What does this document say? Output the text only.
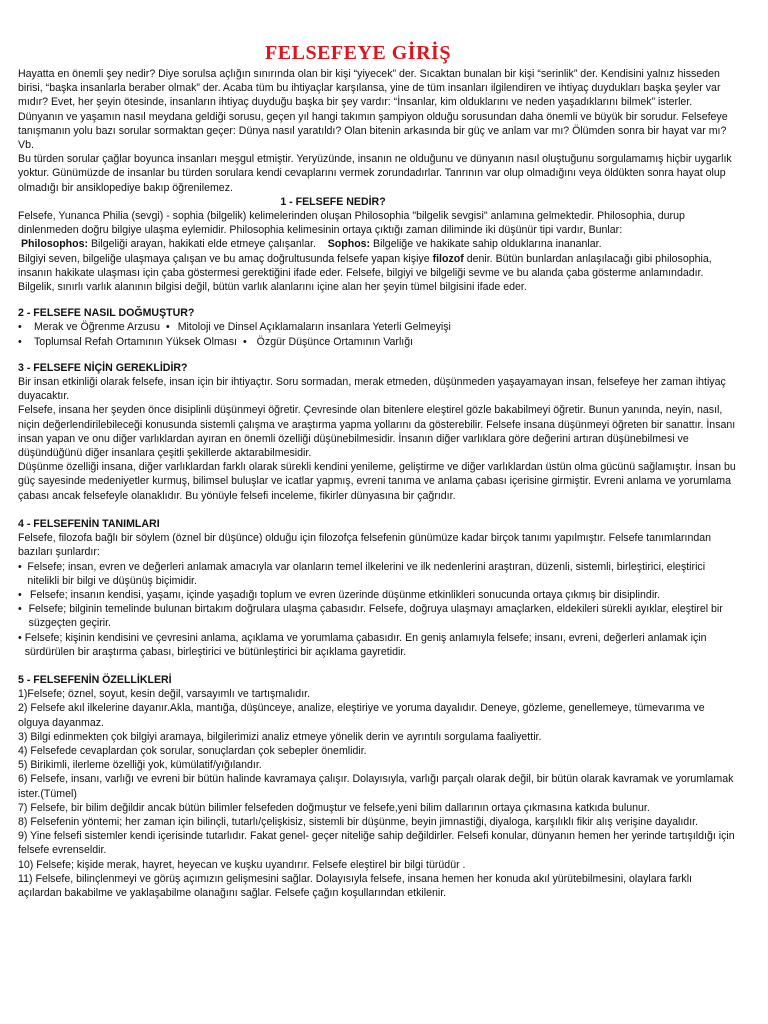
FELSEFEYE GİRİŞ

Hayatta en önemli şey nedir? Diye sorulsa açlığın sınırında olan bir kişi “yiyecek” der. Sıcaktan bunalan bir kişi “serinlik” der. Kendisini yalnız hisseden birisi, “başka insanlarla beraber olmak” der. Acaba tüm bu ihtiyaçlar karşılansa, yine de tüm insanları ilgilendiren ve ihtiyaç duydukları başka şeyler var mıdır? Evet, her şeyin ötesinde, insanların ihtiyaç duyduğu başka bir şey vardır: “İnsanlar, kim olduklarını ve neden yaşadıklarını bilmek” isterler.

Dünyanın ve yaşamın nasıl meydana geldiği sorusu, geçen yıl hangi takımın şampiyon olduğu sorusundan daha önemli ve büyük bir sorudur. Felsefeye tanışmanın yolu bazı sorular sormaktan geçer: Dünya nasıl yaratıldı? Olan bitenin arkasında bir güç ve anlam var mı? Ölümden sonra bir hayat var mı? Vb.

Bu türden sorular çağlar boyunca insanları meşgul etmiştir. Yeryüzünde, insanın ne olduğunu ve dünyanın nasıl oluştuğunu sorgulamamış hiçbir uygarlık yoktur. Günümüzde de insanlar bu türden sorulara kendi cevaplarını vermek zorundadırlar. Tanrının var olup olmadığını veya öldükten sonra hayat olup olmadığı bir ansiklopediye bakıp öğrenilemez.

1 - FELSEFE NEDİR?

Felsefe, Yunanca Philia (sevgi) - sophia (bilgelik) kelimelerinden oluşan Philosophia "bilgelik sevgisi" anlamına gelmektedir. Philosophia, durup dinlenmeden doğru bilgiye ulaşma eylemidir. Philosophia kelimesinin ortaya çıktığı zaman diliminde iki düşünür tipi vardır, Bunlar:

Philosophos: Bilgeliği arayan, hakikati elde etmeye çalışanlar. Sophos: Bilgeliğe ve hakikate sahip olduklarına inananlar.

Bilgiyi seven, bilgeliğe ulaşmaya çalışan ve bu amaç doğrultusunda felsefe yapan kişiye filozof denir. Bütün bunlardan anlaşılacağı gibi philosophia, insanın hakikate ulaşması için çaba göstermesi gerektiğini ifade eder. Felsefe, bilgiyi ve bilgeliği sevme ve bu alanda çaba gösterme anlamındadır. Bilgelik, sınırlı varlık alanının bilgisi değil, bütün varlık alanlarını içine alan her şeyin tümel bilgisini ifade eder.

2 - FELSEFE NASIL DOĞMUŞTUR?

•	Merak ve Öğrenme Arzusu • Mitoloji ve Dinsel Açıklamaların insanlara Yeterli Gelmeyişi
•	Toplumsal Refah Ortamının Yüksek Olması • Özgür Düşünce Ortamının Varlığı

3 - FELSEFE NİÇİN GEREKLİDİR?

Bir insan etkinliği olarak felsefe, insan için bir ihtiyaçtır. Soru sormadan, merak etmeden, düşünmeden yaşayamayan insan, felsefeye her zaman ihtiyaç duyacaktır.

Felsefe, insana her şeyden önce disiplinli düşünmeyi öğretir. Çevresinde olan bitenlere eleştirel gözle bakabilmeyi öğretir. Bunun yanında, neyin, nasıl, niçin değerlendirilebileceği konusunda sistemli çalışma ve araştırma yapma yollarını da gösterebilir. Felsefe insana düşünmeyi öğreten bir sanattır. İnsanı insan yapan ve onu diğer varlıklardan ayıran en önemli özelliği düşünebilmesidir. İnsanın diğer varlıklara göre değerini artıran düşünebilmesi ve düşündüğünü diğer insanlara çeşitli şekillerde aktarabilmesidir.

Düşünme özelliği insana, diğer varlıklardan farklı olarak sürekli kendini yenileme, geliştirme ve diğer varlıklardan üstün olma gücünü sağlamıştır. İnsan bu güç sayesinde medeniyetler kurmuş, bilimsel buluşlar ve icatlar yapmış, evreni tanıma ve anlama çabası içerisine girmiştir. Evreni anlama ve yorumlama çabası ancak felsefeyle olanaklıdır. Bu yönüyle felsefi inceleme, fikirler dünyasına bir çağrıdır.

4 - FELSEFENİN TANIMLARI

Felsefe, filozofa bağlı bir söylem (öznel bir düşünce) olduğu için filozofça felsefenin günümüze kadar birçok tanımı yapılmıştır. Felsefe tanımlarından bazıları şunlardır:

• Felsefe; insan, evren ve değerleri anlamak amacıyla var olanların temel ilkelerini ve ilk nedenlerini araştıran, düzenli, sistemli, birleştirici, eleştirici nitelikli bir bilgi ve düşünüş biçimidir.
• Felsefe; insanın kendisi, yaşamı, içinde yaşadığı toplum ve evren üzerinde düşünme etkinlikleri sonucunda ortaya çıkmış bir disiplindir.
• Felsefe; bilginin temelinde bulunan birtakım doğrulara ulaşma çabasıdır. Felsefe, doğruya ulaşmayı amaçlarken, eldekileri sürekli ayıklar, eleştirel bir süzgeçten geçirir.
• Felsefe; kişinin kendisini ve çevresini anlama, açıklama ve yorumlama çabasıdır. En geniş anlamıyla felsefe; insanı, evreni, değerleri anlamak için sürdürülen bir araştırma çabası, birleştirici ve bütünleştirici bir açıklama gayretidir.

5 - FELSEFENİN ÖZELLİKLERİ

1)Felsefe; öznel, soyut, kesin değil, varsayımlı ve tartışmalıdır.

2) Felsefe akıl ilkelerine dayanır.Akla, mantığa, düşünceye, analize, eleştiriye ve yoruma dayalıdır. Deneye, gözleme, genellemeye, tümevarıma ve olguya dayanmaz.

3) Bilgi edinmekten çok bilgiyi aramaya, bilgilerimizi analiz etmeye yönelik derin ve ayrıntılı sorgulama faaliyettir.

4) Felsefede cevaplardan çok sorular, sonuçlardan çok sebepler önemlidir.

5) Birikimli, ilerleme özelliği yok, kümülatif/yığılandır.

6) Felsefe, insanı, varlığı ve evreni bir bütün halinde kavramaya çalışır. Dolayısıyla, varlığı parçalı olarak değil, bir bütün olarak kavramak ve yorumlamak ister.(Tümel)

7) Felsefe, bir bilim değildir ancak bütün bilimler felsefeden doğmuştur ve felsefe,yeni bilim dallarının ortaya çıkmasına katkıda bulunur.

8) Felsefenin yöntemi; her zaman için bilinçli, tutarlı/çelişkisiz, sistemli bir düşünme, beyin jimnastiği, diyaloga, karşılıklı fikir alış verişine dayalıdır.

9) Yine felsefi sistemler kendi içerisinde tutarlıdır. Fakat genel- geçer niteliğe sahip değildirler. Felsefi konular, dünyanın hemen her yerinde tartışıldığı için felsefe evrenseldir.

10) Felsefe; kişide merak, hayret, heyecan ve kuşku uyandırır. Felsefe eleştirel bir bilgi türüdür .

11) Felsefe, bilinçlenmeyi ve görüş açımızın gelişmesini sağlar. Dolayısıyla felsefe, insana hemen her konuda akıl yürütebilmesini, olaylara farklı açılardan bakabilme ve yaklaşabilme olanağını sağlar. Felsefe çağın koşullarından etkilenir.
